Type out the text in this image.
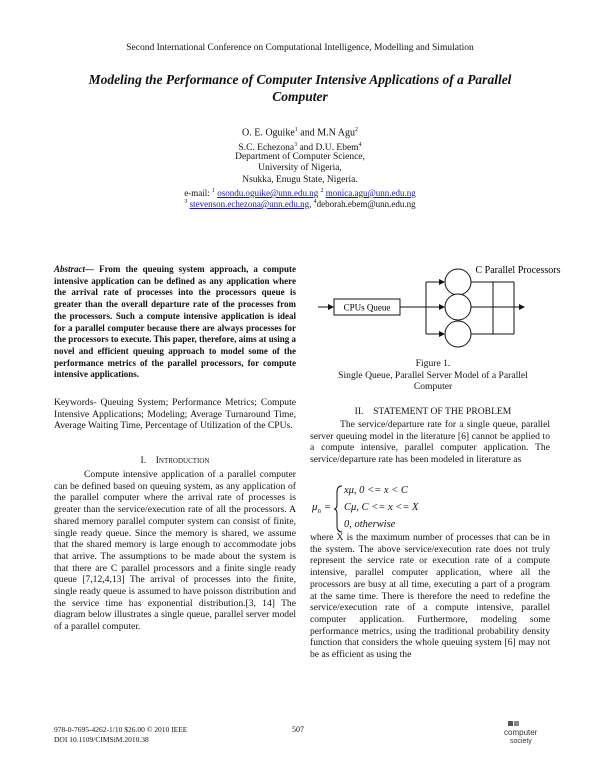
Second International Conference on Computational Intelligence, Modelling and Simulation
Modeling the Performance of Computer Intensive Applications of a Parallel
Computer
O. E. Oguike$^1$ and M.N Agu$^2$
S.C. Echezona$^3$ and D.U. Ebem$^4$
Department of Computer Science,
University of Nigeria,
Nsukka, Enugu State, Nigeria.
e-mail: $^1$ osondu.oguike@unn.edu.ng $^2$ monica.agu@unn.edu.ng
$^3$ stevenson.echezona@unn.edu.ng, $^4$deborah.ebem@unn.edu.ng
Abstract— From the queuing system approach, a compute intensive application can be defined as any application where the arrival rate of processes into the processors queue is greater than the overall departure rate of the processes from the processors. Such a compute intensive application is ideal for a parallel computer because there are always processes for the processors to execute. This paper, therefore, aims at using a novel and efficient queuing approach to model some of the performance metrics of the parallel processors, for compute intensive applications.
Keywords- Queuing System; Performance Metrics; Compute Intensive Applications; Modeling; Average Turnaround Time, Average Waiting Time, Percentage of Utilization of the CPUs.
I. Introduction
Compute intensive application of a parallel computer can be defined based on queuing system, as any application of the parallel computer where the arrival rate of processes is greater than the service/execution rate of all the processors. A shared memory parallel computer system can consist of finite, single ready queue. Since the memory is shared, we assume that the shared memory is large enough to accommodate jobs that arrive. The assumptions to be made about the system is that there are C parallel processors and a finite single ready queue [7,12,4,13] The arrival of processes into the finite, single ready queue is assumed to have poisson distribution and the service time has exponential distribution.[3, 14] The diagram below illustrates a single queue, parallel server model of a parallel computer.
C Parallel Processors
CPUs Queue
Figure 1.
Single Queue, Parallel Server Model of a Parallel Computer
II. STATEMENT OF THE PROBLEM
The service/departure rate for a single queue, parallel server queuing model in the literature [6] cannot be applied to a compute intensive, parallel computer application. The service/departure rate has been modeled in literature as
$\mu_n$ =
xμ, 0 <= x < C
Cμ, C <= x <= X
0, otherwise
where X is the maximum number of processes that can be in the system. The above service/execution rate does not truly represent the service rate or execution rate of a compute intensive, parallel computer application, where all the processors are busy at all time, executing a part of a program at the same time. There is therefore the need to redefine the service/execution rate of a compute intensive, parallel computer application. Furthermore, modeling some performance metrics, using the traditional probability density function that considers the whole queuing system [6] may not be as efficient as using the
978-0-7695-4262-1/10 $26.00 © 2010 IEEE
DOI 10.1109/CIMSiM.2010.38
507	computer
society
